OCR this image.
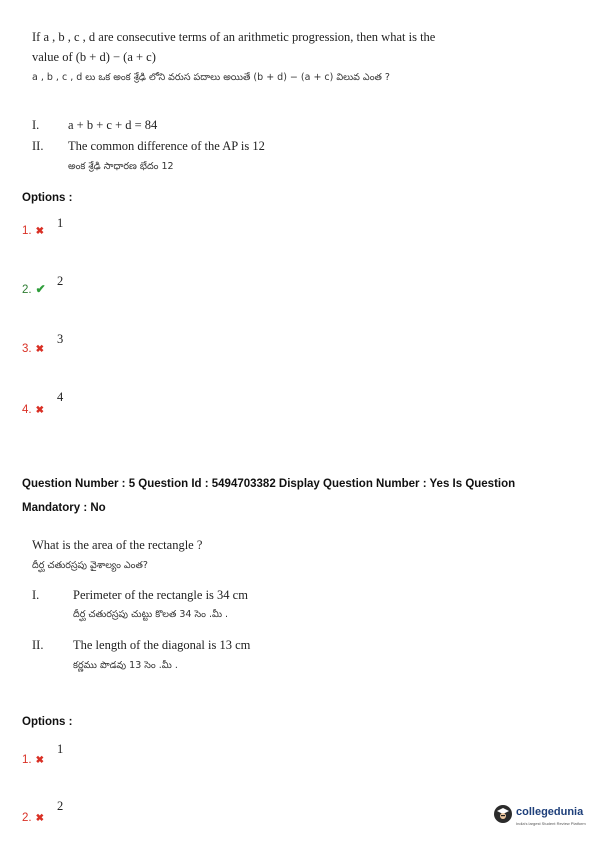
If a , b , c , d are consecutive terms of an arithmetic progression, then what is the
value of (b + d) − (a + c)
a , b , c , d లు ఒక అంక శ్రేఢి లోని వరుస పదాలు అయితే (b + d) − (a + c) విలువ ఎంత ?
I. a + b + c + d = 84
II. The common difference of the AP is 12
అంక శ్రేఢి సాధారణ భేదం 12
Options :
1. ✖
1
2. ✔
2
3. ✖
3
4. ✖
4
Question Number : 5 Question Id : 5494703382 Display Question Number : Yes Is Question
Mandatory : No
What is the area of the rectangle ?
దీర్ఘ చతురస్రపు వైశాల్యం ఎంత?
I.	Perimeter of the rectangle is 34 cm
దీర్ఘ చతురస్రపు చుట్టు కొలత 34 సెం .మీ .
II. The length of the diagonal is 13 cm
కర్ణము పొడవు 13 సెం .మీ .
Options :
1. ✖
1
2. ✖
2	collegedunia
India's largest Student Review Platform
